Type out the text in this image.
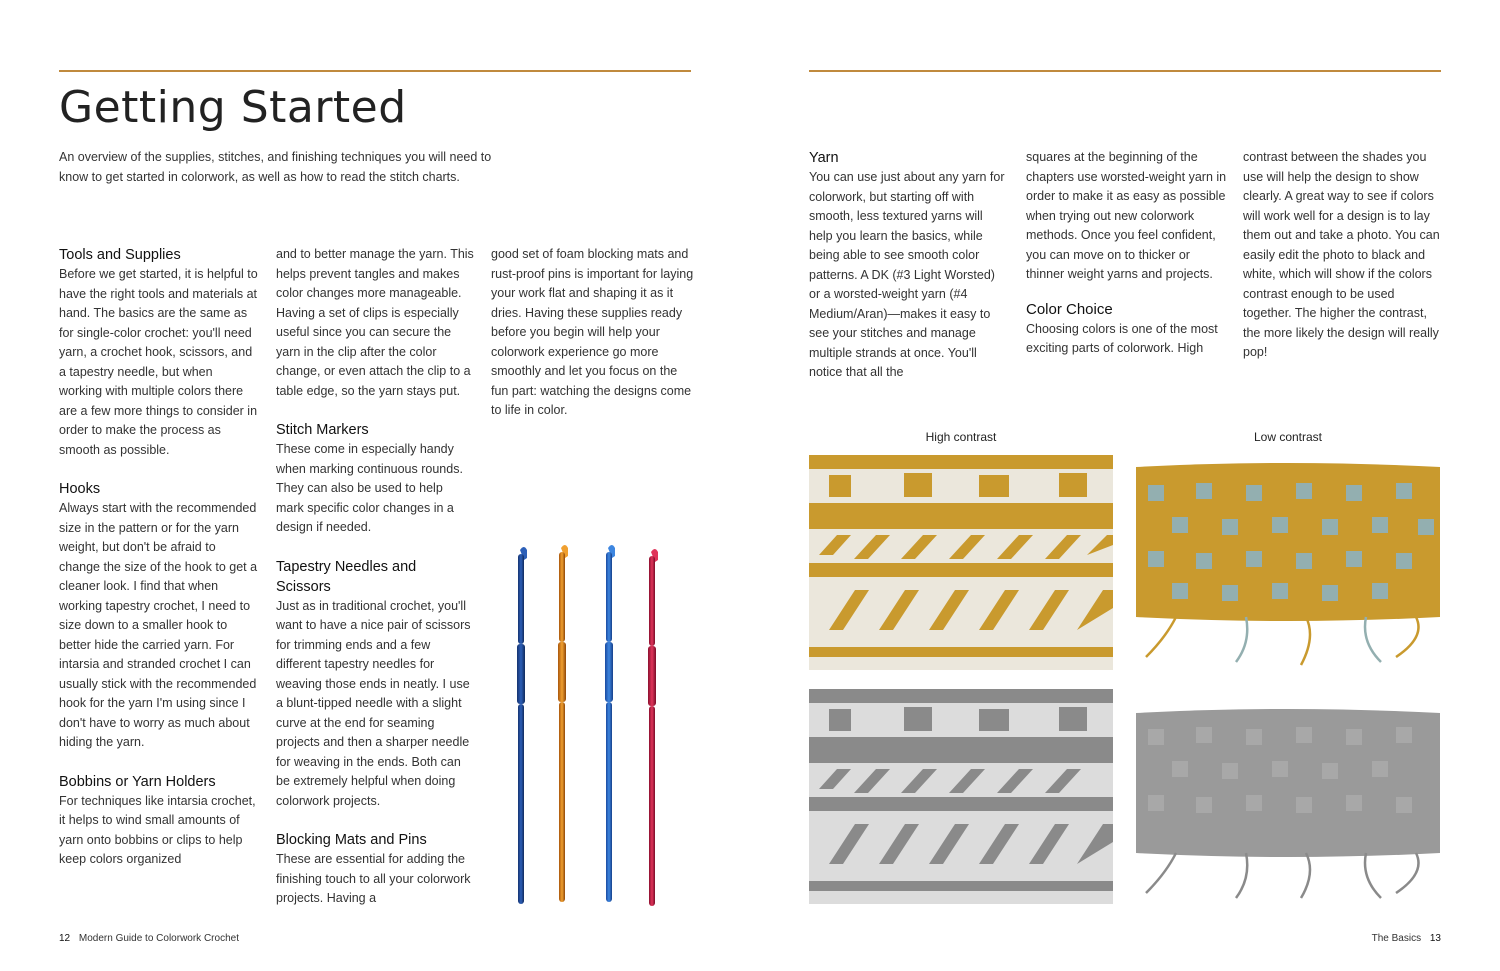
Getting Started
An overview of the supplies, stitches, and finishing techniques you will need to know to get started in colorwork, as well as how to read the stitch charts.
Tools and Supplies

Before we get started, it is helpful to have the right tools and materials at hand. The basics are the same as for single-color crochet: you'll need yarn, a crochet hook, scissors, and a tapestry needle, but when working with multiple colors there are a few more things to consider in order to make the process as smooth as possible.

Hooks

Always start with the recommended size in the pattern or for the yarn weight, but don't be afraid to change the size of the hook to get a cleaner look. I find that when working tapestry crochet, I need to size down to a smaller hook to better hide the carried yarn. For intarsia and stranded crochet I can usually stick with the recommended hook for the yarn I'm using since I don't have to worry as much about hiding the yarn.

Bobbins or Yarn Holders

For techniques like intarsia crochet, it helps to wind small amounts of yarn onto bobbins or clips to help keep colors organized

and to better manage the yarn. This helps prevent tangles and makes color changes more manageable. Having a set of clips is especially useful since you can secure the yarn in the clip after the color change, or even attach the clip to a table edge, so the yarn stays put.

Stitch Markers

These come in especially handy when marking continuous rounds. They can also be used to help mark specific color changes in a design if needed.

Tapestry Needles and Scissors

Just as in traditional crochet, you'll want to have a nice pair of scissors for trimming ends and a few different tapestry needles for weaving those ends in neatly. I use a blunt-tipped needle with a slight curve at the end for seaming projects and then a sharper needle for weaving in the ends. Both can be extremely helpful when doing colorwork projects.

Blocking Mats and Pins

These are essential for adding the finishing touch to all your colorwork projects. Having a

good set of foam blocking mats and rust-proof pins is important for laying your work flat and shaping it as it dries. Having these supplies ready before you begin will help your colorwork experience go more smoothly and let you focus on the fun part: watching the designs come to life in color.

Yarn

You can use just about any yarn for colorwork, but starting off with smooth, less textured yarns will help you learn the basics, while being able to see smooth color patterns. A DK (#3 Light Worsted) or a worsted-weight yarn (#4 Medium/Aran)—makes it easy to see your stitches and manage multiple strands at once. You'll notice that all the

squares at the beginning of the chapters use worsted-weight yarn in order to make it as easy as possible when trying out new colorwork methods. Once you feel confident, you can move on to thicker or thinner weight yarns and projects.

Color Choice

Choosing colors is one of the most exciting parts of colorwork. High

contrast between the shades you use will help the design to show clearly. A great way to see if colors will work well for a design is to lay them out and take a photo. You can easily edit the photo to black and white, which will show if the colors contrast enough to be used together. The higher the contrast, the more likely the design will really pop!

High contrast	Low contrast
12 Modern Guide to Colorwork Crochet	The Basics 13
